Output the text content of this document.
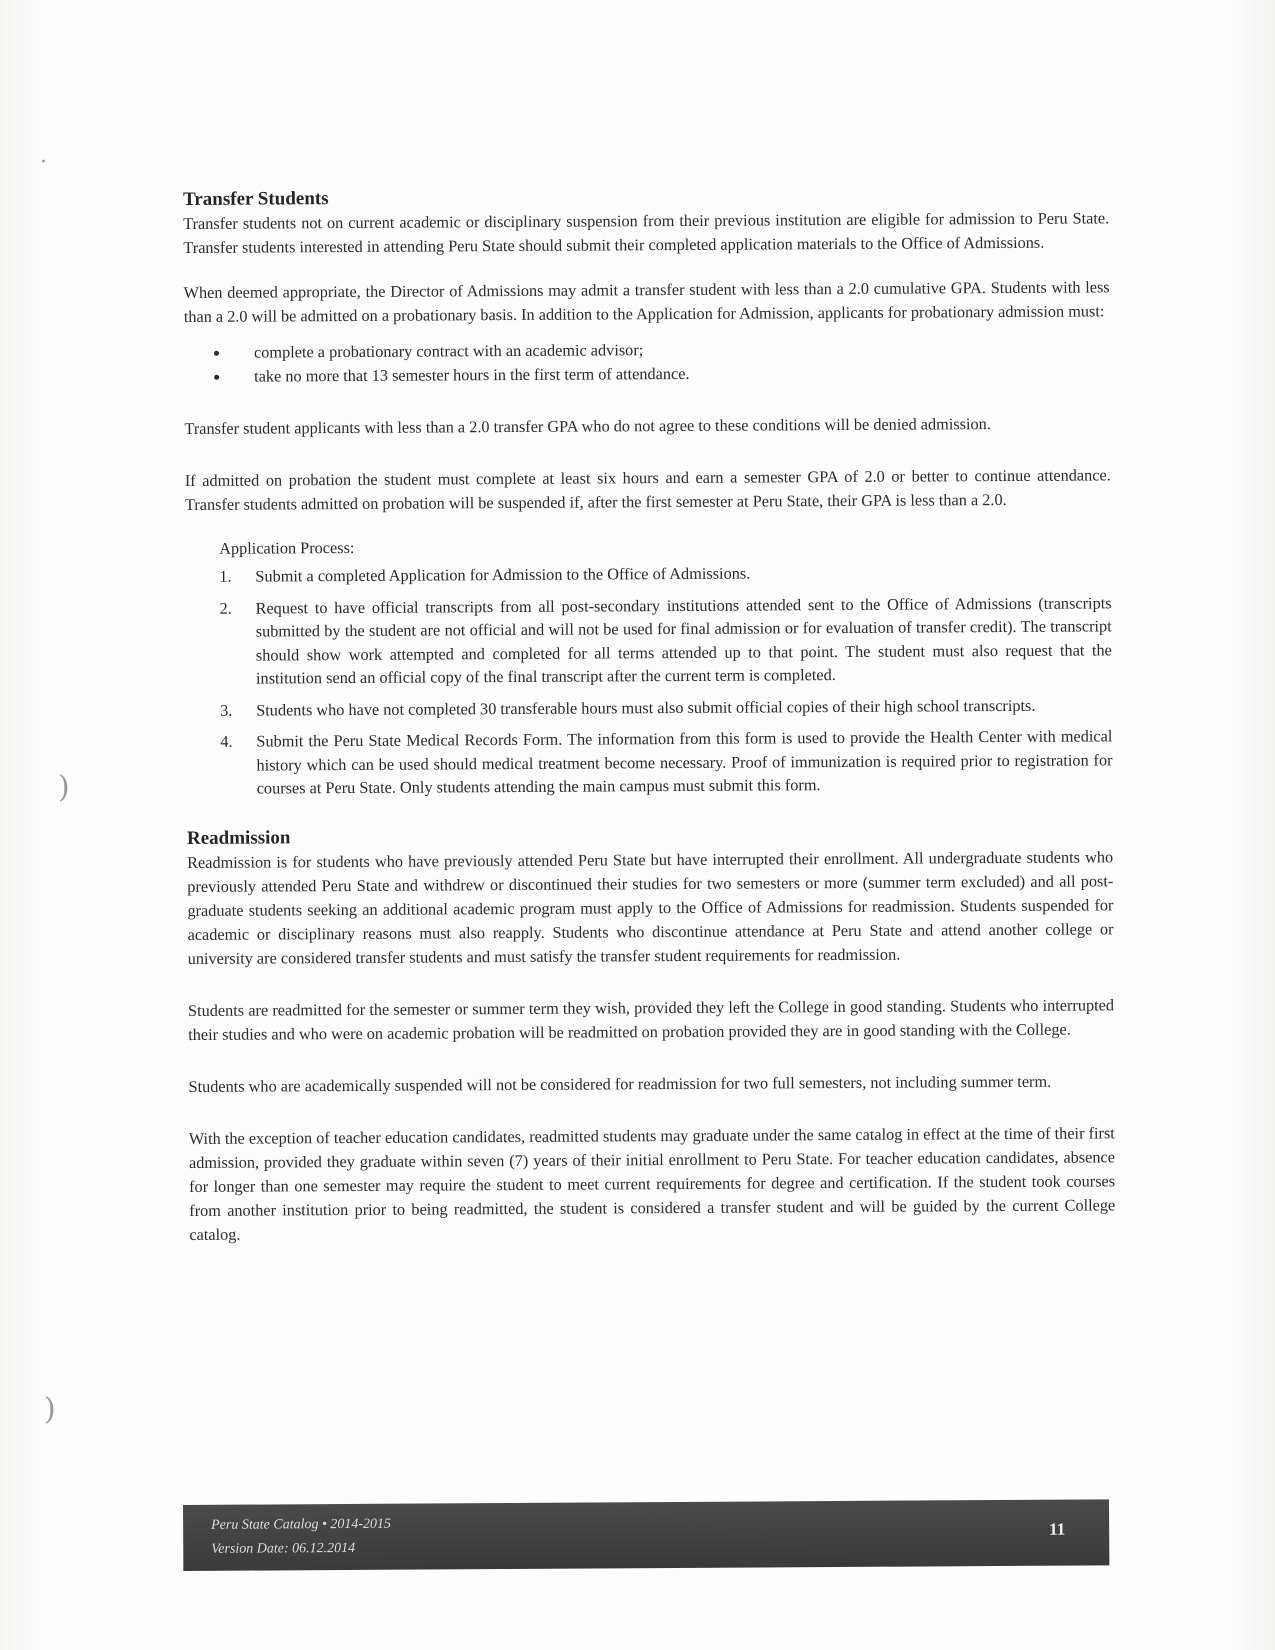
·
)
)
Transfer Students

Transfer students not on current academic or disciplinary suspension from their previous institution are eligible for admission to Peru State. Transfer students interested in attending Peru State should submit their completed application materials to the Office of Admissions.

When deemed appropriate, the Director of Admissions may admit a transfer student with less than a 2.0 cumulative GPA. Students with less than a 2.0 will be admitted on a probationary basis. In addition to the Application for Admission, applicants for probationary admission must:

complete a probationary contract with an academic advisor;
take no more that 13 semester hours in the first term of attendance.

Transfer student applicants with less than a 2.0 transfer GPA who do not agree to these conditions will be denied admission.

If admitted on probation the student must complete at least six hours and earn a semester GPA of 2.0 or better to continue attendance. Transfer students admitted on probation will be suspended if, after the first semester at Peru State, their GPA is less than a 2.0.

Application Process:
1. Submit a completed Application for Admission to the Office of Admissions.
2. Request to have official transcripts from all post-secondary institutions attended sent to the Office of Admissions (transcripts submitted by the student are not official and will not be used for final admission or for evaluation of transfer credit). The transcript should show work attempted and completed for all terms attended up to that point. The student must also request that the institution send an official copy of the final transcript after the current term is completed.
3. Students who have not completed 30 transferable hours must also submit official copies of their high school transcripts.
4. Submit the Peru State Medical Records Form. The information from this form is used to provide the Health Center with medical history which can be used should medical treatment become necessary. Proof of immunization is required prior to registration for courses at Peru State. Only students attending the main campus must submit this form.
Readmission

Readmission is for students who have previously attended Peru State but have interrupted their enrollment. All undergraduate students who previously attended Peru State and withdrew or discontinued their studies for two semesters or more (summer term excluded) and all post-graduate students seeking an additional academic program must apply to the Office of Admissions for readmission. Students suspended for academic or disciplinary reasons must also reapply. Students who discontinue attendance at Peru State and attend another college or university are considered transfer students and must satisfy the transfer student requirements for readmission.

Students are readmitted for the semester or summer term they wish, provided they left the College in good standing. Students who interrupted their studies and who were on academic probation will be readmitted on probation provided they are in good standing with the College.

Students who are academically suspended will not be considered for readmission for two full semesters, not including summer term.

With the exception of teacher education candidates, readmitted students may graduate under the same catalog in effect at the time of their first admission, provided they graduate within seven (7) years of their initial enrollment to Peru State. For teacher education candidates, absence for longer than one semester may require the student to meet current requirements for degree and certification. If the student took courses from another institution prior to being readmitted, the student is considered a transfer student and will be guided by the current College catalog.

Peru State Catalog • 2014-2015
Version Date: 06.12.2014
11
